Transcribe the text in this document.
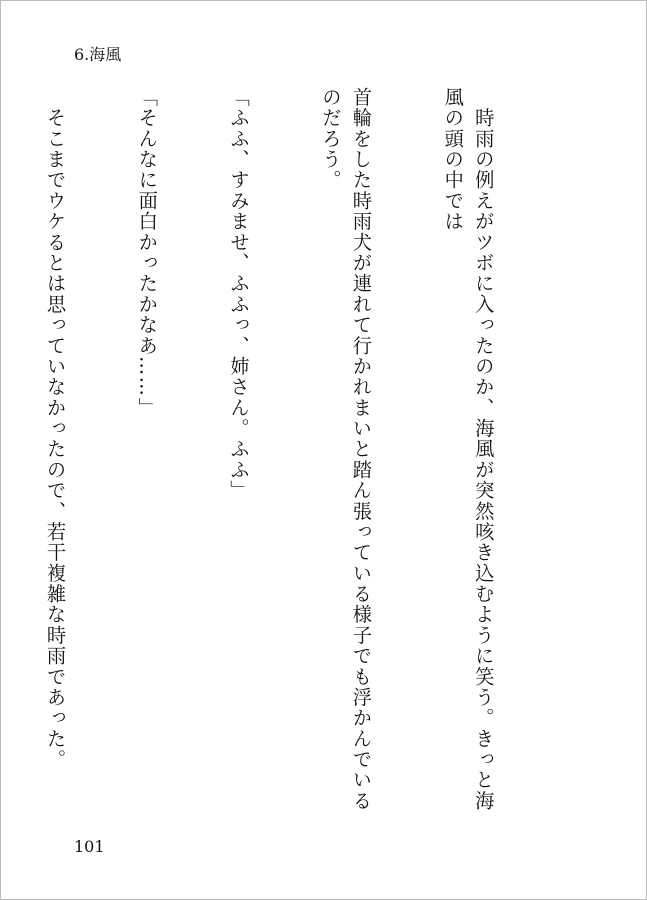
6.海風

　時雨の例えがツボに入ったのか、海風が突然咳き込むように笑う。きっと海風の頭の中では

首輪をした時雨犬が連れて行かれまいと踏ん張っている様子でも浮かんでいるのだろう。

「ふふ、すみませ、ふふっ、姉さん。ふふ」

「そんなに面白かったかなあ……」

　そこまでウケるとは思っていなかったので、若干複雑な時雨であった。

101
